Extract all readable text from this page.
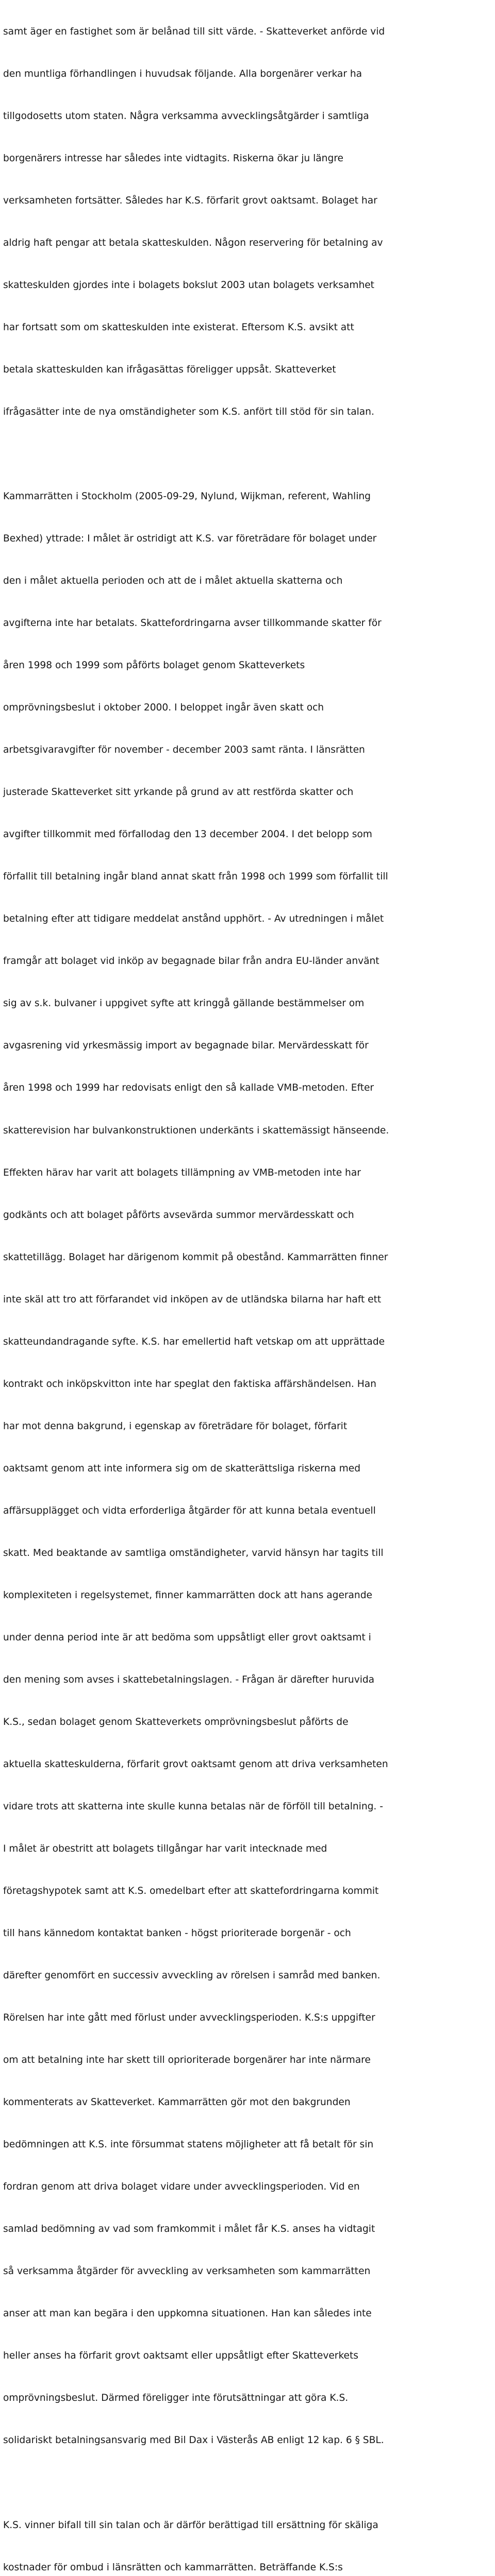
samt äger en fastighet som är belånad till sitt värde. - Skatteverket anförde vid

den muntliga förhandlingen i huvudsak följande. Alla borgenärer verkar ha

tillgodosetts utom staten. Några verksamma avvecklingsåtgärder i samtliga

borgenärers intresse har således inte vidtagits. Riskerna ökar ju längre

verksamheten fortsätter. Således har K.S. förfarit grovt oaktsamt. Bolaget har

aldrig haft pengar att betala skatteskulden. Någon reservering för betalning av

skatteskulden gjordes inte i bolagets bokslut 2003 utan bolagets verksamhet

har fortsatt som om skatteskulden inte existerat. Eftersom K.S. avsikt att

betala skatteskulden kan ifrågasättas föreligger uppsåt. Skatteverket

ifrågasätter inte de nya omständigheter som K.S. anfört till stöd för sin talan.

Kammarrätten i Stockholm (2005-09-29, Nylund, Wijkman, referent, Wahling

Bexhed) yttrade: I målet är ostridigt att K.S. var företrädare för bolaget under

den i målet aktuella perioden och att de i målet aktuella skatterna och

avgifterna inte har betalats. Skattefordringarna avser tillkommande skatter för

åren 1998 och 1999 som påförts bolaget genom Skatteverkets

omprövningsbeslut i oktober 2000. I beloppet ingår även skatt och

arbetsgivaravgifter för november - december 2003 samt ränta. I länsrätten

justerade Skatteverket sitt yrkande på grund av att restförda skatter och

avgifter tillkommit med förfallodag den 13 december 2004. I det belopp som

förfallit till betalning ingår bland annat skatt från 1998 och 1999 som förfallit till

betalning efter att tidigare meddelat anstånd upphört. - Av utredningen i målet

framgår att bolaget vid inköp av begagnade bilar från andra EU-länder använt

sig av s.k. bulvaner i uppgivet syfte att kringgå gällande bestämmelser om

avgasrening vid yrkesmässig import av begagnade bilar. Mervärdesskatt för

åren 1998 och 1999 har redovisats enligt den så kallade VMB-metoden. Efter

skatterevision har bulvankonstruktionen underkänts i skattemässigt hänseende.

Effekten härav har varit att bolagets tillämpning av VMB-metoden inte har

godkänts och att bolaget påförts avsevärda summor mervärdesskatt och

skattetillägg. Bolaget har därigenom kommit på obestånd. Kammarrätten finner

inte skäl att tro att förfarandet vid inköpen av de utländska bilarna har haft ett

skatteundandragande syfte. K.S. har emellertid haft vetskap om att upprättade

kontrakt och inköpskvitton inte har speglat den faktiska affärshändelsen. Han

har mot denna bakgrund, i egenskap av företrädare för bolaget, förfarit

oaktsamt genom att inte informera sig om de skatterättsliga riskerna med

affärsupplägget och vidta erforderliga åtgärder för att kunna betala eventuell

skatt. Med beaktande av samtliga omständigheter, varvid hänsyn har tagits till

komplexiteten i regelsystemet, finner kammarrätten dock att hans agerande

under denna period inte är att bedöma som uppsåtligt eller grovt oaktsamt i

den mening som avses i skattebetalningslagen. - Frågan är därefter huruvida

K.S., sedan bolaget genom Skatteverkets omprövningsbeslut påförts de

aktuella skatteskulderna, förfarit grovt oaktsamt genom att driva verksamheten

vidare trots att skatterna inte skulle kunna betalas när de förföll till betalning. -

I målet är obestritt att bolagets tillgångar har varit intecknade med

företagshypotek samt att K.S. omedelbart efter att skattefordringarna kommit

till hans kännedom kontaktat banken - högst prioriterade borgenär - och

därefter genomfört en successiv avveckling av rörelsen i samråd med banken.

Rörelsen har inte gått med förlust under avvecklingsperioden. K.S:s uppgifter

om att betalning inte har skett till oprioriterade borgenärer har inte närmare

kommenterats av Skatteverket. Kammarrätten gör mot den bakgrunden

bedömningen att K.S. inte försummat statens möjligheter att få betalt för sin

fordran genom att driva bolaget vidare under avvecklingsperioden. Vid en

samlad bedömning av vad som framkommit i målet får K.S. anses ha vidtagit

så verksamma åtgärder för avveckling av verksamheten som kammarrätten

anser att man kan begära i den uppkomna situationen. Han kan således inte

heller anses ha förfarit grovt oaktsamt eller uppsåtligt efter Skatteverkets

omprövningsbeslut. Därmed föreligger inte förutsättningar att göra K.S.

solidariskt betalningsansvarig med Bil Dax i Västerås AB enligt 12 kap. 6 § SBL.

K.S. vinner bifall till sin talan och är därför berättigad till ersättning för skäliga

kostnader för ombud i länsrätten och kammarrätten. Beträffande K.S:s
